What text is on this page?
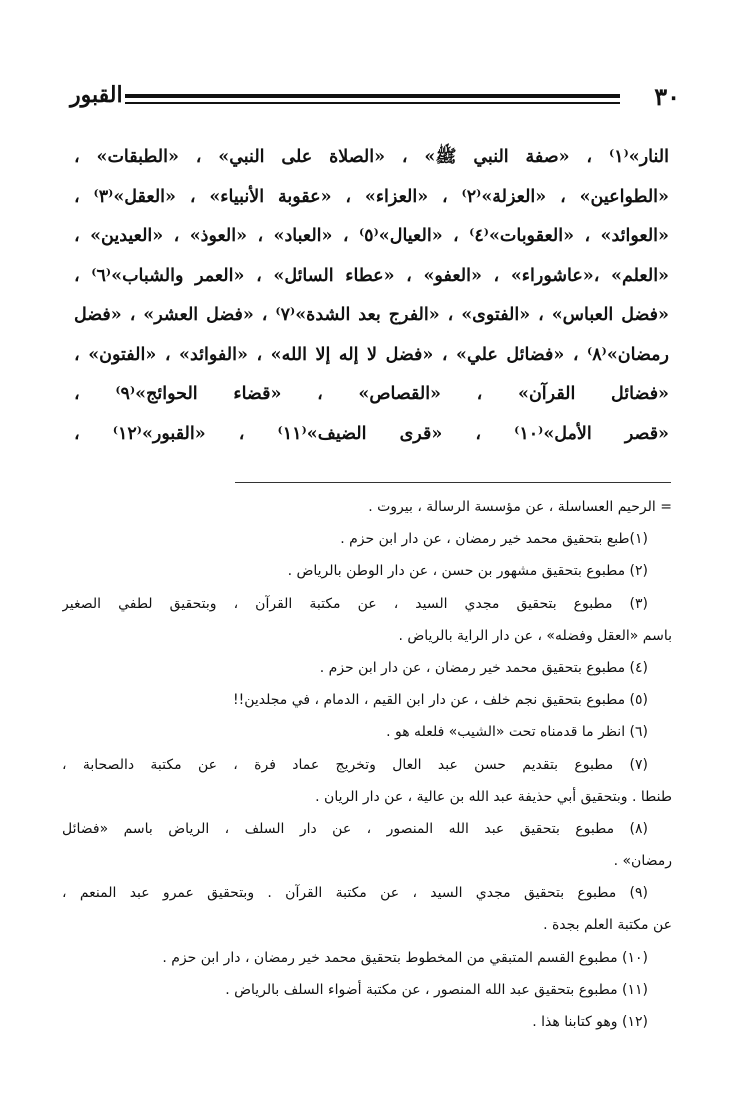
٣٠
القبور
النار»⁽١⁾ ، «صفة النبي ﷺ» ، «الصلاة على النبي» ، «الطبقات» ،
«الطواعين» ، «العزلة»⁽٢⁾ ، «العزاء» ، «عقوبة الأنبياء» ، «العقل»⁽٣⁾ ،
«العوائد» ، «العقوبات»⁽٤⁾ ، «العيال»⁽٥⁾ ، «العباد» ، «العوذ» ، «العيدين» ،
«العلم» ،«عاشوراء» ، «العفو» ، «عطاء السائل» ، «العمر والشباب»⁽٦⁾ ،
«فضل العباس» ، «الفتوى» ، «الفرج بعد الشدة»⁽٧⁾ ، «فضل العشر» ، «فضل
رمضان»⁽٨⁾ ، «فضائل علي» ، «فضل لا إله إلا الله» ، «الفوائد» ، «الفتون» ،
«فضائل القرآن» ، «القصاص» ، «قضاء الحوائج»⁽٩⁾ ،
«قصر الأمل»⁽١٠⁾ ، «قرى الضيف»⁽١١⁾ ، «القبور»⁽١٢⁾ ،
= الرحيم العساسلة ، عن مؤسسة الرسالة ، بيروت .
(١)طبع بتحقيق محمد خير رمضان ، عن دار ابن حزم .
(٢) مطبوع بتحقيق مشهور بن حسن ، عن دار الوطن بالرياض .
(٣) مطبوع بتحقيق مجدي السيد ، عن مكتبة القرآن ، وبتحقيق لطفي الصغير
باسم «العقل وفضله» ، عن دار الراية بالرياض .
(٤) مطبوع بتحقيق محمد خير رمضان ، عن دار ابن حزم .
(٥) مطبوع بتحقيق نجم خلف ، عن دار ابن القيم ، الدمام ، في مجلدين!!
(٦) انظر ما قدمناه تحت «الشيب» فلعله هو .
(٧) مطبوع بتقديم حسن عبد العال وتخريج عماد فرة ، عن مكتبة دالصحابة ،
طنطا . وبتحقيق أبي حذيفة عبد الله بن عالية ، عن دار الريان .
(٨) مطبوع بتحقيق عبد الله المنصور ، عن دار السلف ، الرياض باسم «فضائل
رمضان» .
(٩) مطبوع بتحقيق مجدي السيد ، عن مكتبة القرآن . وبتحقيق عمرو عبد المنعم ،
عن مكتبة العلم بجدة .
(١٠) مطبوع القسم المتبقي من المخطوط بتحقيق محمد خير رمضان ، دار ابن حزم .
(١١) مطبوع بتحقيق عبد الله المنصور ، عن مكتبة أضواء السلف بالرياض .
(١٢) وهو كتابنا هذا .
